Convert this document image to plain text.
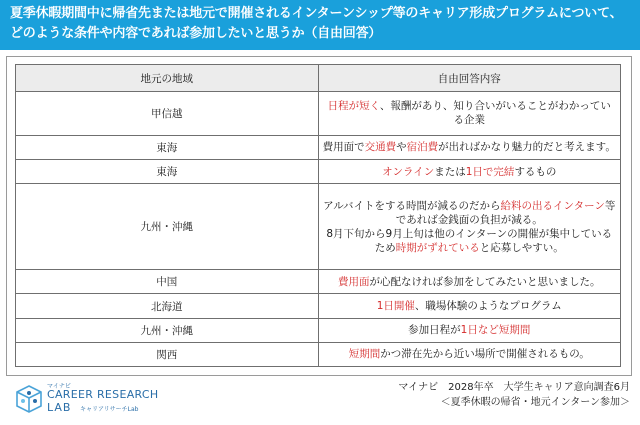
夏季休暇期間中に帰省先または地元で開催されるインターンシップ等のキャリア形成プログラムについて、どのような条件や内容であれば参加したいと思うか（自由回答）
地元の地域	自由回答内容
甲信越	日程が短く、報酬があり、知り合いがいることがわかっている企業

東海	費用面で交通費や宿泊費が出ればかなり魅力的だと考えます。

東海	オンラインまたは1日で完結するもの

九州・沖縄	アルバイトをする時間が減るのだから給料の出るインターン等であれば金銭面の負担が減る。
8月下旬から9月上旬は他のインターンの開催が集中しているため時期がずれていると応募しやすい。

中国	費用面が心配なければ参加をしてみたいと思いました。

北海道	1日開催、職場体験のようなプログラム

九州・沖縄	参加日程が1日など短期間

関西	短期間かつ滞在先から近い場所で開催されるもの。
マイナビ
CAREER RESEARCH
LAB キャリアリサーチLab
マイナビ　2028年卒　大学生キャリア意向調査6月
＜夏季休暇の帰省・地元インターン参加＞
